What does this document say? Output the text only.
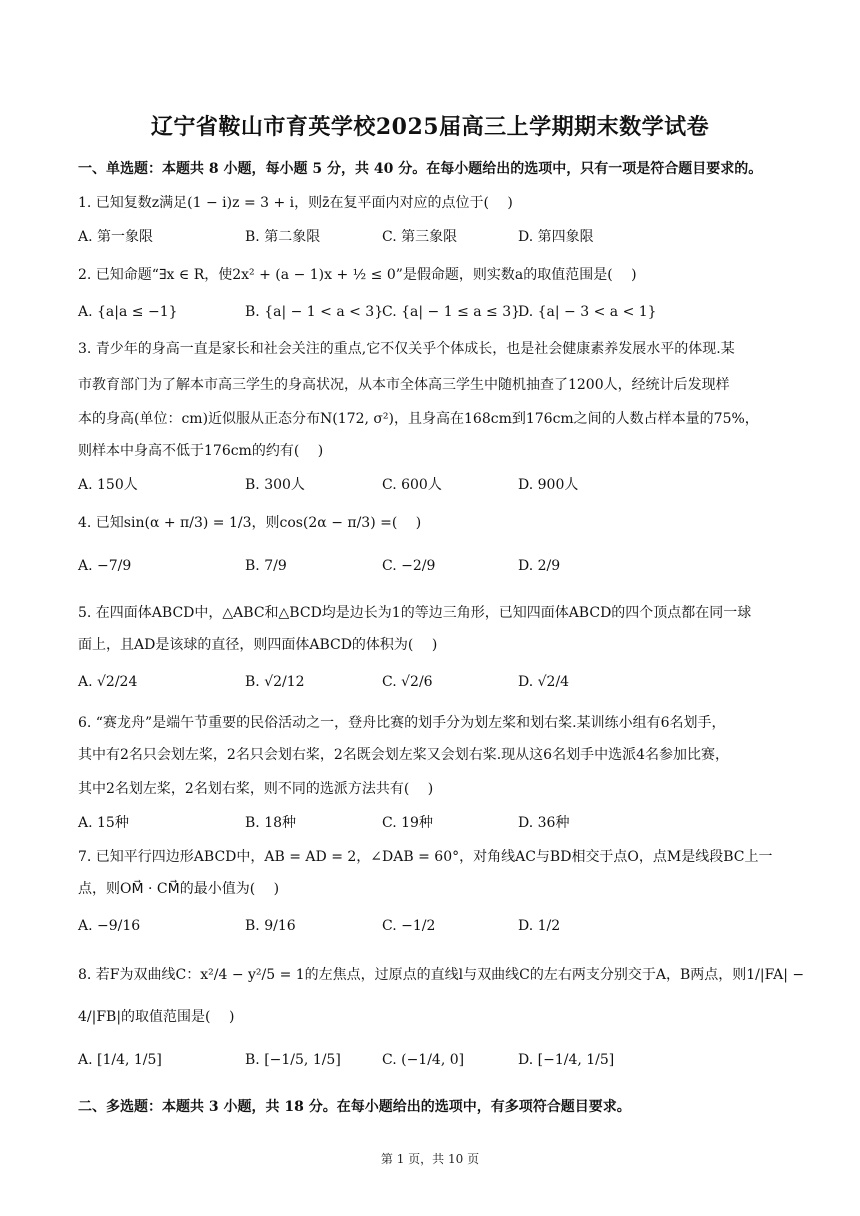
辽宁省鞍山市育英学校2025届高三上学期期末数学试卷
一、单选题：本题共 8 小题，每小题 5 分，共 40 分。在每小题给出的选项中，只有一项是符合题目要求的。
1. 已知复数z满足(1 − i)z = 3 + i，则z̄在复平面内对应的点位于(　 )
A. 第一象限	B. 第二象限	C. 第三象限	D. 第四象限
2. 已知命题“∃x ∈ R，使2x² + (a − 1)x + ½ ≤ 0”是假命题，则实数a的取值范围是(　 )
A. {a|a ≤ −1}	B. {a| − 1 < a < 3}
C. {a| − 1 ≤ a ≤ 3}
D. {a| − 3 < a < 1}
3. 青少年的身高一直是家长和社会关注的重点,它不仅关乎个体成长，也是社会健康素养发展水平的体现.某
市教育部门为了解本市高三学生的身高状况，从本市全体高三学生中随机抽查了1200人，经统计后发现样
本的身高(单位：cm)近似服从正态分布N(172, σ²)，且身高在168cm到176cm之间的人数占样本量的75%，
则样本中身高不低于176cm的约有(　 )
A. 150人	B. 300人	C. 600人	D. 900人
4. 已知sin(α + π/3) = 1/3，则cos(2α − π/3) =(　 )
A. −7/9	B. 7/9	C. −2/9	D. 2/9
5. 在四面体ABCD中，△ABC和△BCD均是边长为1的等边三角形，已知四面体ABCD的四个顶点都在同一球
面上，且AD是该球的直径，则四面体ABCD的体积为(　 )
A. √2/24	B. √2/12	C. √2/6	D. √2/4
6. “赛龙舟”是端午节重要的民俗活动之一，登舟比赛的划手分为划左桨和划右桨.某训练小组有6名划手，
其中有2名只会划左桨，2名只会划右桨，2名既会划左桨又会划右桨.现从这6名划手中选派4名参加比赛，
其中2名划左桨，2名划右桨，则不同的选派方法共有(　 )
A. 15种	B. 18种	C. 19种	D. 36种
7. 已知平行四边形ABCD中，AB = AD = 2，∠DAB = 60°，对角线AC与BD相交于点O，点M是线段BC上一
点，则OM⃗ · CM⃗的最小值为(　 )
A. −9/16	B. 9/16	C. −1/2	D. 1/2
8. 若F为双曲线C：x²/4 − y²/5 = 1的左焦点，过原点的直线l与双曲线C的左右两支分别交于A，B两点，则1/|FA| −
4/|FB|的取值范围是(　 )
A. [1/4, 1/5]	B. [−1/5, 1/5]	C. (−1/4, 0]	D. [−1/4, 1/5]
二、多选题：本题共 3 小题，共 18 分。在每小题给出的选项中，有多项符合题目要求。
第 1 页，共 10 页
